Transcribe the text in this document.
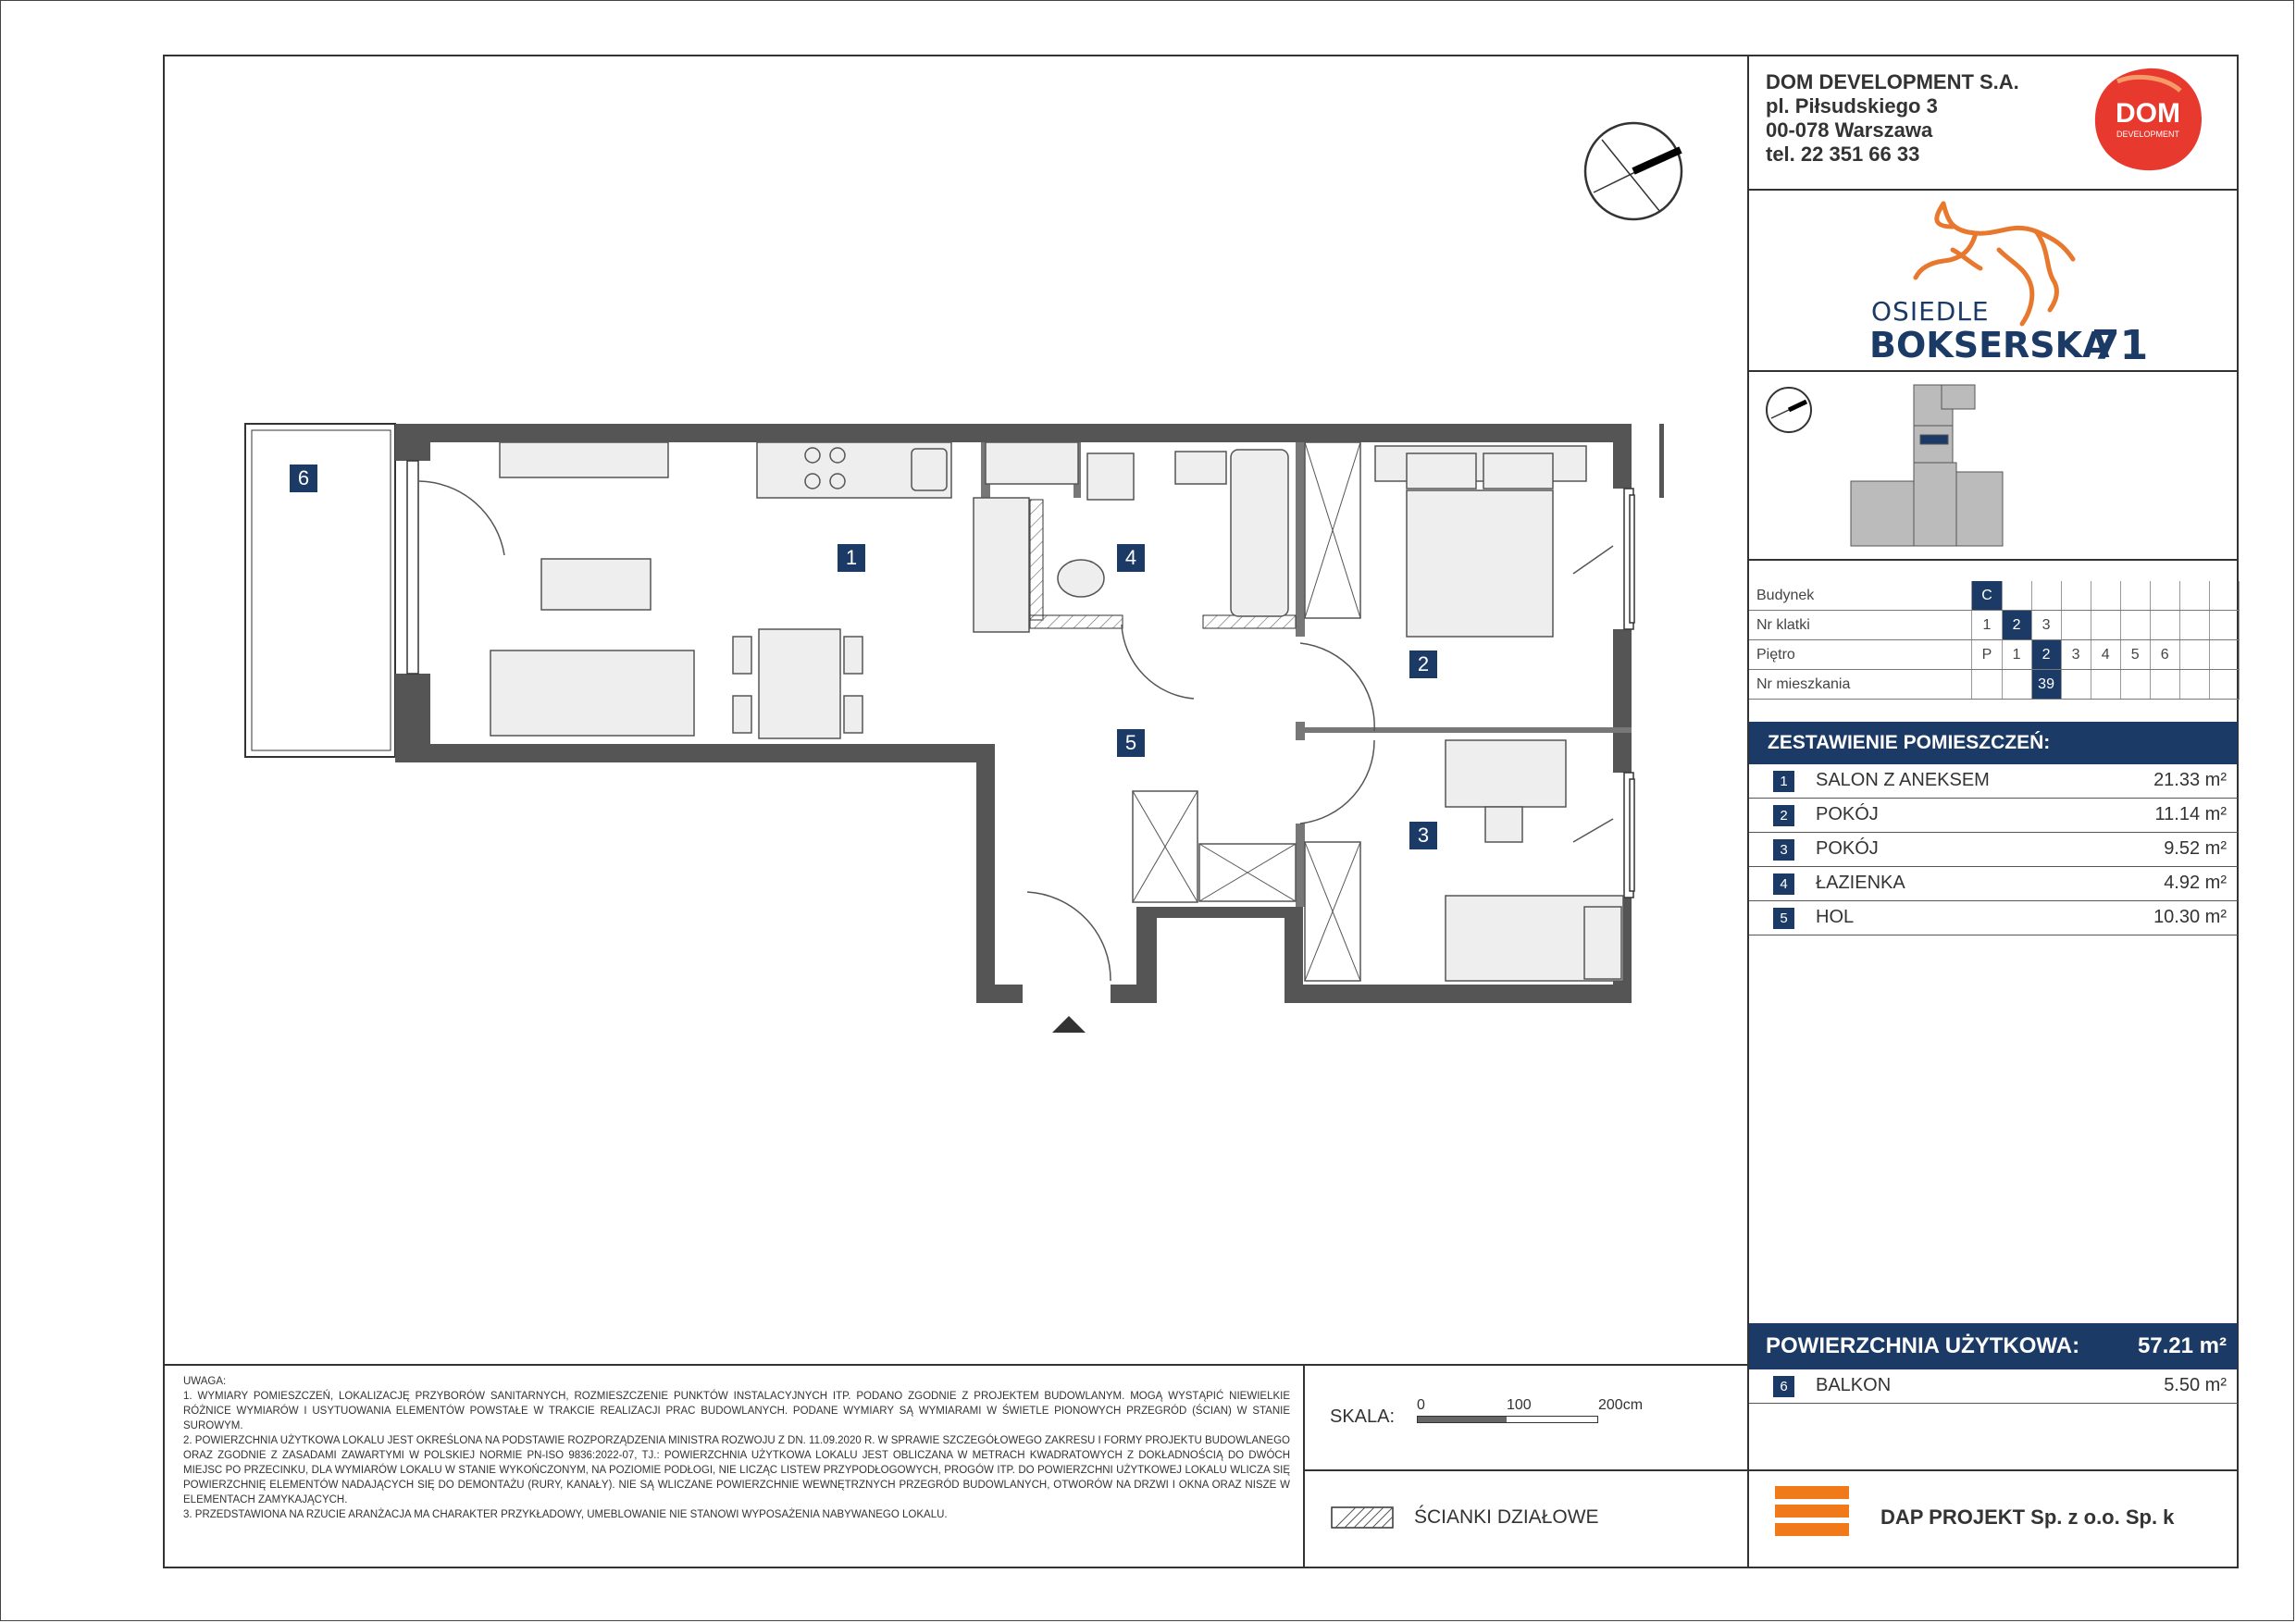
DOM DEVELOPMENT S.A.
pl. Piłsudskiego 3
00-078 Warszawa
tel. 22 351 66 33
DOM
DEVELOPMENT
OSIEDLE
BOKSERSKA
71
Budynek	C								
Nr klatki	1	2	3						
Piętro	P	1	2	3	4	5	6		
Nr mieszkania			39						
ZESTAWIENIE POMIESZCZEŃ:
1	SALON Z ANEKSEM	21.33 m²
2	POKÓJ	11.14 m²
3	POKÓJ	9.52 m²
4	ŁAZIENKA	4.92 m²
5	HOL	10.30 m²
POWIERZCHNIA UŻYTKOWA:	57.21 m²
6	BALKON	5.50 m²
UWAGA:
1. WYMIARY POMIESZCZEŃ, LOKALIZACJĘ PRZYBORÓW SANITARNYCH, ROZMIESZCZENIE PUNKTÓW INSTALACYJNYCH ITP. PODANO ZGODNIE Z PROJEKTEM BUDOWLANYM. MOGĄ WYSTĄPIĆ NIEWIELKIE RÓŻNICE WYMIARÓW I USYTUOWANIA ELEMENTÓW POWSTAŁE W TRAKCIE REALIZACJI PRAC BUDOWLANYCH. PODANE WYMIARY SĄ WYMIARAMI W ŚWIETLE PIONOWYCH PRZEGRÓD (ŚCIAN) W STANIE SUROWYM.
2. POWIERZCHNIA UŻYTKOWA LOKALU JEST OKREŚLONA NA PODSTAWIE ROZPORZĄDZENIA MINISTRA ROZWOJU Z DN. 11.09.2020 R. W SPRAWIE SZCZEGÓŁOWEGO ZAKRESU I FORMY PROJEKTU BUDOWLANEGO ORAZ ZGODNIE Z ZASADAMI ZAWARTYMI W POLSKIEJ NORMIE PN-ISO 9836:2022-07, TJ.: POWIERZCHNIA UŻYTKOWA LOKALU JEST OBLICZANA W METRACH KWADRATOWYCH Z DOKŁADNOŚCIĄ DO DWÓCH MIEJSC PO PRZECINKU, DLA WYMIARÓW LOKALU W STANIE WYKOŃCZONYM, NA POZIOMIE PODŁOGI, NIE LICZĄC LISTEW PRZYPODŁOGOWYCH, PROGÓW ITP. DO POWIERZCHNI UŻYTKOWEJ LOKALU WLICZA SIĘ POWIERZCHNIĘ ELEMENTÓW NADAJĄCYCH SIĘ DO DEMONTAŻU (RURY, KANAŁY). NIE SĄ WLICZANE POWIERZCHNIE WEWNĘTRZNYCH PRZEGRÓD BUDOWLANYCH, OTWORÓW NA DRZWI I OKNA ORAZ NISZE W ELEMENTACH ZAMYKAJĄCYCH.
3. PRZEDSTAWIONA NA RZUCIE ARANŻACJA MA CHARAKTER PRZYKŁADOWY, UMEBLOWANIE NIE STANOWI WYPOSAŻENIA NABYWANEGO LOKALU.
SKALA:
0	100	200cm
ŚCIANKI DZIAŁOWE	DAP PROJEKT Sp. z o.o. Sp. k
6
1	4
2
5
3
